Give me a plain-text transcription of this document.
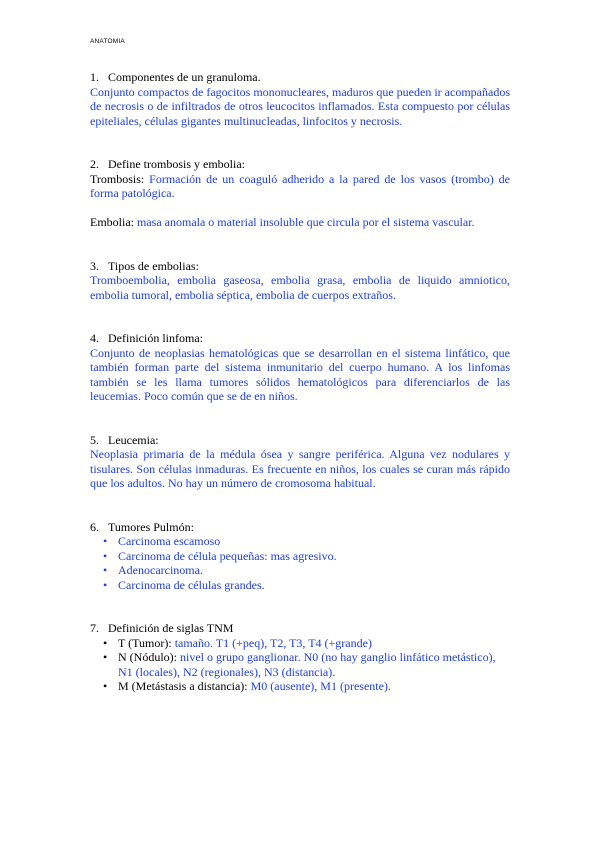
ANATOMIA
1. Componentes de un granuloma.
Conjunto compactos de fagocitos mononucleares, maduros que pueden ir acompañados de necrosis o de infiltrados de otros leucocitos inflamados. Esta compuesto por células epiteliales, células gigantes multinucleadas, linfocitos y necrosis.
2. Define trombosis y embolia:
Trombosis: Formación de un coaguló adherido a la pared de los vasos (trombo) de forma patológica.
Embolia: masa anomala o material insoluble que circula por el sistema vascular.
3. Tipos de embolias:
Tromboembolia, embolia gaseosa, embolia grasa, embolia de liquido amniotico, embolia tumoral, embolia séptica, embolia de cuerpos extraños.
4. Definición linfoma:
Conjunto de neoplasias hematológicas que se desarrollan en el sistema linfático, que también forman parte del sistema inmunitario del cuerpo humano. A los linfomas también se les llama tumores sólidos hematológicos para diferenciarlos de las leucemias. Poco común que se de en niños.
5. Leucemia:
Neoplasia primaria de la médula ósea y sangre periférica. Alguna vez nodulares y tisulares. Son células inmaduras. Es frecuente en niños, los cuales se curan más rápido que los adultos. No hay un número de cromosoma habitual.
6. Tumores Pulmón:
• Carcinoma escamoso
• Carcinoma de célula pequeñas: mas agresivo.
• Adenocarcinoma.
• Carcinoma de células grandes.
7. Definición de siglas TNM
• T (Tumor): tamaño. T1 (+peq), T2, T3, T4 (+grande)
• N (Nódulo): nivel o grupo ganglionar. N0 (no hay ganglio linfático metástico), N1 (locales), N2 (regionales), N3 (distancia).
• M (Metástasis a distancia): M0 (ausente), M1 (presente).
